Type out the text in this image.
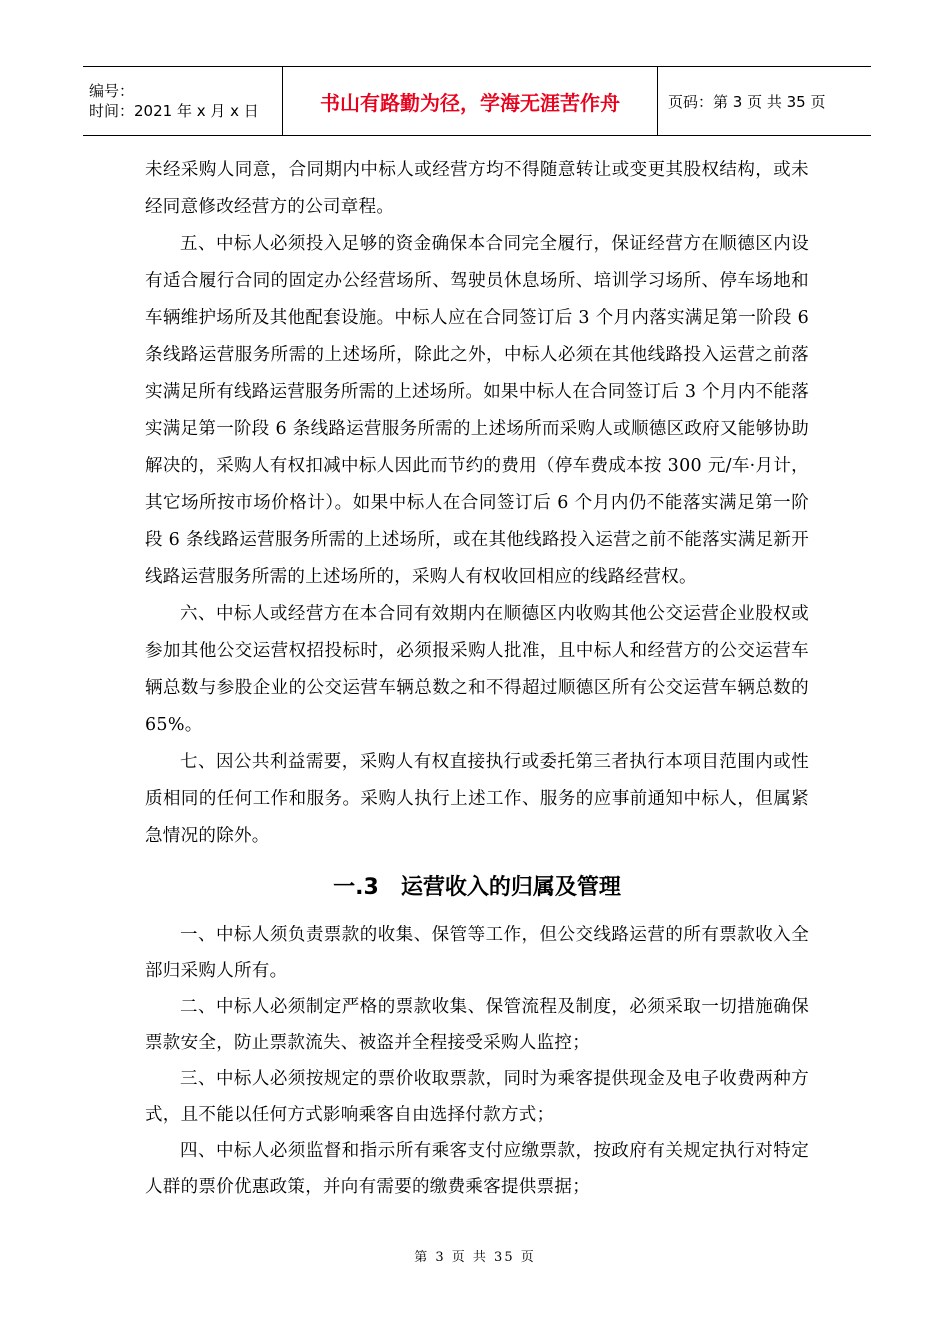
编号：
时间：2021 年 x 月 x 日	书山有路勤为径，学海无涯苦作舟	页码：第 3 页 共 35 页

未经采购人同意，合同期内中标人或经营方均不得随意转让或变更其股权结构，或未经同意修改经营方的公司章程。

五、中标人必须投入足够的资金确保本合同完全履行，保证经营方在顺德区内设有适合履行合同的固定办公经营场所、驾驶员休息场所、培训学习场所、停车场地和车辆维护场所及其他配套设施。中标人应在合同签订后 3 个月内落实满足第一阶段 6 条线路运营服务所需的上述场所，除此之外，中标人必须在其他线路投入运营之前落实满足所有线路运营服务所需的上述场所。如果中标人在合同签订后 3 个月内不能落实满足第一阶段 6 条线路运营服务所需的上述场所而采购人或顺德区政府又能够协助解决的，采购人有权扣减中标人因此而节约的费用（停车费成本按 300 元/车·月计，其它场所按市场价格计）。如果中标人在合同签订后 6 个月内仍不能落实满足第一阶段 6 条线路运营服务所需的上述场所，或在其他线路投入运营之前不能落实满足新开线路运营服务所需的上述场所的，采购人有权收回相应的线路经营权。

六、中标人或经营方在本合同有效期内在顺德区内收购其他公交运营企业股权或参加其他公交运营权招投标时，必须报采购人批准，且中标人和经营方的公交运营车辆总数与参股企业的公交运营车辆总数之和不得超过顺德区所有公交运营车辆总数的 65%。

七、因公共利益需要，采购人有权直接执行或委托第三者执行本项目范围内或性质相同的任何工作和服务。采购人执行上述工作、服务的应事前通知中标人，但属紧急情况的除外。

一.3 运营收入的归属及管理

一、中标人须负责票款的收集、保管等工作，但公交线路运营的所有票款收入全部归采购人所有。

二、中标人必须制定严格的票款收集、保管流程及制度，必须采取一切措施确保票款安全，防止票款流失、被盗并全程接受采购人监控；

三、中标人必须按规定的票价收取票款，同时为乘客提供现金及电子收费两种方式，且不能以任何方式影响乘客自由选择付款方式；

四、中标人必须监督和指示所有乘客支付应缴票款，按政府有关规定执行对特定人群的票价优惠政策，并向有需要的缴费乘客提供票据；

第 3 页 共 35 页
